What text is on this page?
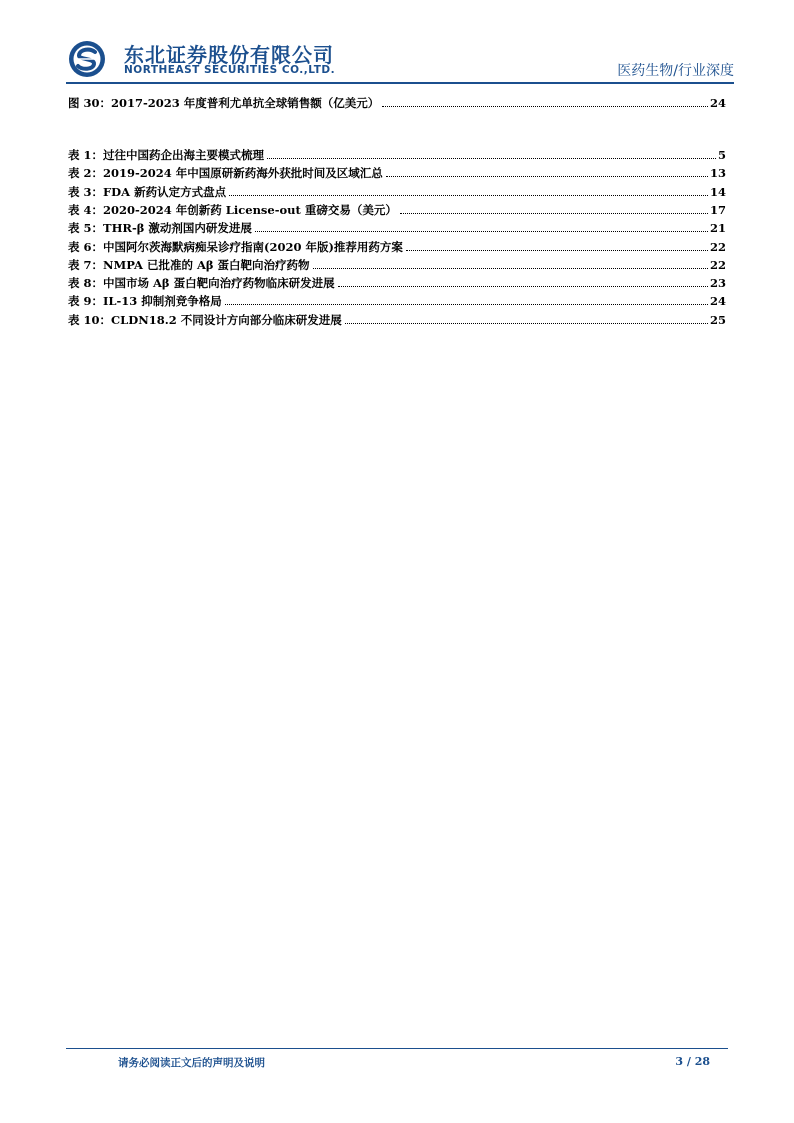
东北证券股份有限公司
NORTHEAST SECURITIES CO.,LTD.	医药生物/行业深度
图 30：2017-2023 年度普利尤单抗全球销售额（亿美元）	24
表 1：过往中国药企出海主要模式梳理	5
表 2：2019-2024 年中国原研新药海外获批时间及区域汇总	13
表 3：FDA 新药认定方式盘点	14
表 4：2020-2024 年创新药 License-out 重磅交易（美元）	17
表 5：THR-β 激动剂国内研发进展	21
表 6：中国阿尔茨海默病痴呆诊疗指南(2020 年版)推荐用药方案	22
表 7：NMPA 已批准的 Aβ 蛋白靶向治疗药物	22
表 8：中国市场 Aβ 蛋白靶向治疗药物临床研发进展	23
表 9：IL-13 抑制剂竞争格局	24
表 10：CLDN18.2 不同设计方向部分临床研发进展	25
请务必阅读正文后的声明及说明	3 / 28
